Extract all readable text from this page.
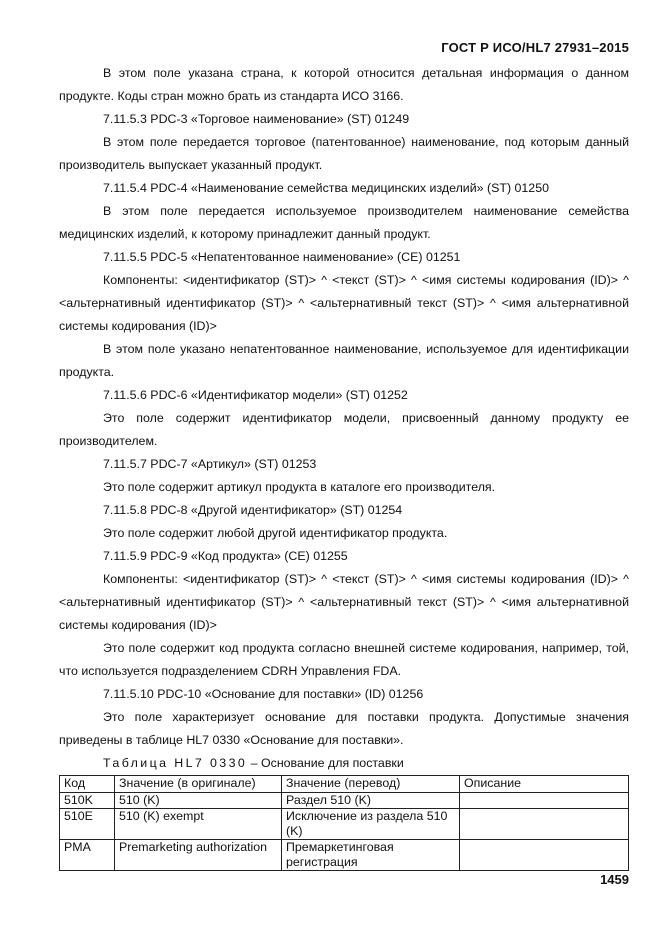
ГОСТ Р ИСО/HL7 27931–2015

В этом поле указана страна, к которой относится детальная информация о данном продукте. Коды стран можно брать из стандарта ИСО 3166.

7.11.5.3 PDC-3 «Торговое наименование» (ST) 01249

В этом поле передается торговое (патентованное) наименование, под которым данный производитель выпускает указанный продукт.

7.11.5.4 PDC-4 «Наименование семейства медицинских изделий» (ST) 01250

В этом поле передается используемое производителем наименование семейства медицинских изделий, к которому принадлежит данный продукт.

7.11.5.5 PDC-5 «Непатентованное наименование» (CE) 01251

Компоненты: <идентификатор (ST)> ^ <текст (ST)> ^ <имя системы кодирования (ID)> ^ <альтернативный идентификатор (ST)> ^ <альтернативный текст (ST)> ^ <имя альтернативной системы кодирования (ID)>

В этом поле указано непатентованное наименование, используемое для идентификации продукта.

7.11.5.6 PDC-6 «Идентификатор модели» (ST) 01252

Это поле содержит идентификатор модели, присвоенный данному продукту ее производителем.

7.11.5.7 PDC-7 «Артикул» (ST) 01253

Это поле содержит артикул продукта в каталоге его производителя.

7.11.5.8 PDC-8 «Другой идентификатор» (ST) 01254

Это поле содержит любой другой идентификатор продукта.

7.11.5.9 PDC-9 «Код продукта» (CE) 01255

Компоненты: <идентификатор (ST)> ^ <текст (ST)> ^ <имя системы кодирования (ID)> ^ <альтернативный идентификатор (ST)> ^ <альтернативный текст (ST)> ^ <имя альтернативной системы кодирования (ID)>

Это поле содержит код продукта согласно внешней системе кодирования, например, той, что используется подразделением CDRH Управления FDA.

7.11.5.10 PDC-10 «Основание для поставки» (ID) 01256

Это поле характеризует основание для поставки продукта. Допустимые значения приведены в таблице HL7 0330 «Основание для поставки».

Таблица HL7 0330 – Основание для поставки
Код	Значение (в оригинале)	Значение (перевод)	Описание
510K	510 (K)	Раздел 510 (K)	
510E	510 (K) exempt	Исключение из раздела 510 (K)	
PMA	Premarketing authorization	Премаркетинговая регистрация	
1459
